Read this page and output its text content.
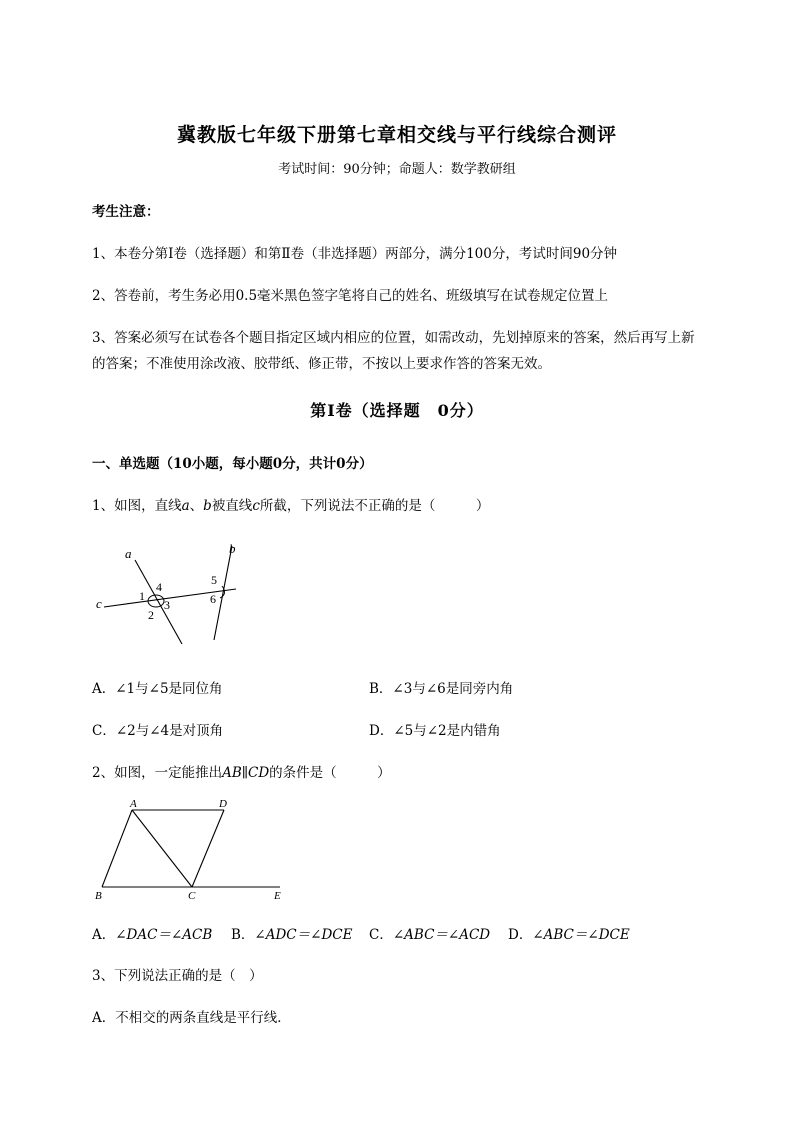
冀教版七年级下册第七章相交线与平行线综合测评
考试时间：90分钟；命题人：数学教研组
考生注意：
1、本卷分第I卷（选择题）和第Ⅱ卷（非选择题）两部分，满分100分，考试时间90分钟
2、答卷前，考生务必用0.5毫米黑色签字笔将自己的姓名、班级填写在试卷规定位置上
3、答案必须写在试卷各个题目指定区域内相应的位置，如需改动，先划掉原来的答案，然后再写上新
的答案；不准使用涂改液、胶带纸、修正带，不按以上要求作答的答案无效。
第I卷（选择题　0分）
一、单选题（10小题，每小题0分，共计0分）
1、如图，直线a、b被直线c所截，下列说法不正确的是（　　　）
a	b
c	1
2
3
4	5
6
A．∠1与∠5是同位角	B．∠3与∠6是同旁内角
C．∠2与∠4是对顶角	D．∠5与∠2是内错角
2、如图，一定能推出AB∥CD的条件是（　　　）
A	D
B	C	E
A．∠DAC＝∠ACB B．∠ADC＝∠DCE C．∠ABC＝∠ACD D．∠ABC＝∠DCE
3、下列说法正确的是（　）
A．不相交的两条直线是平行线．
